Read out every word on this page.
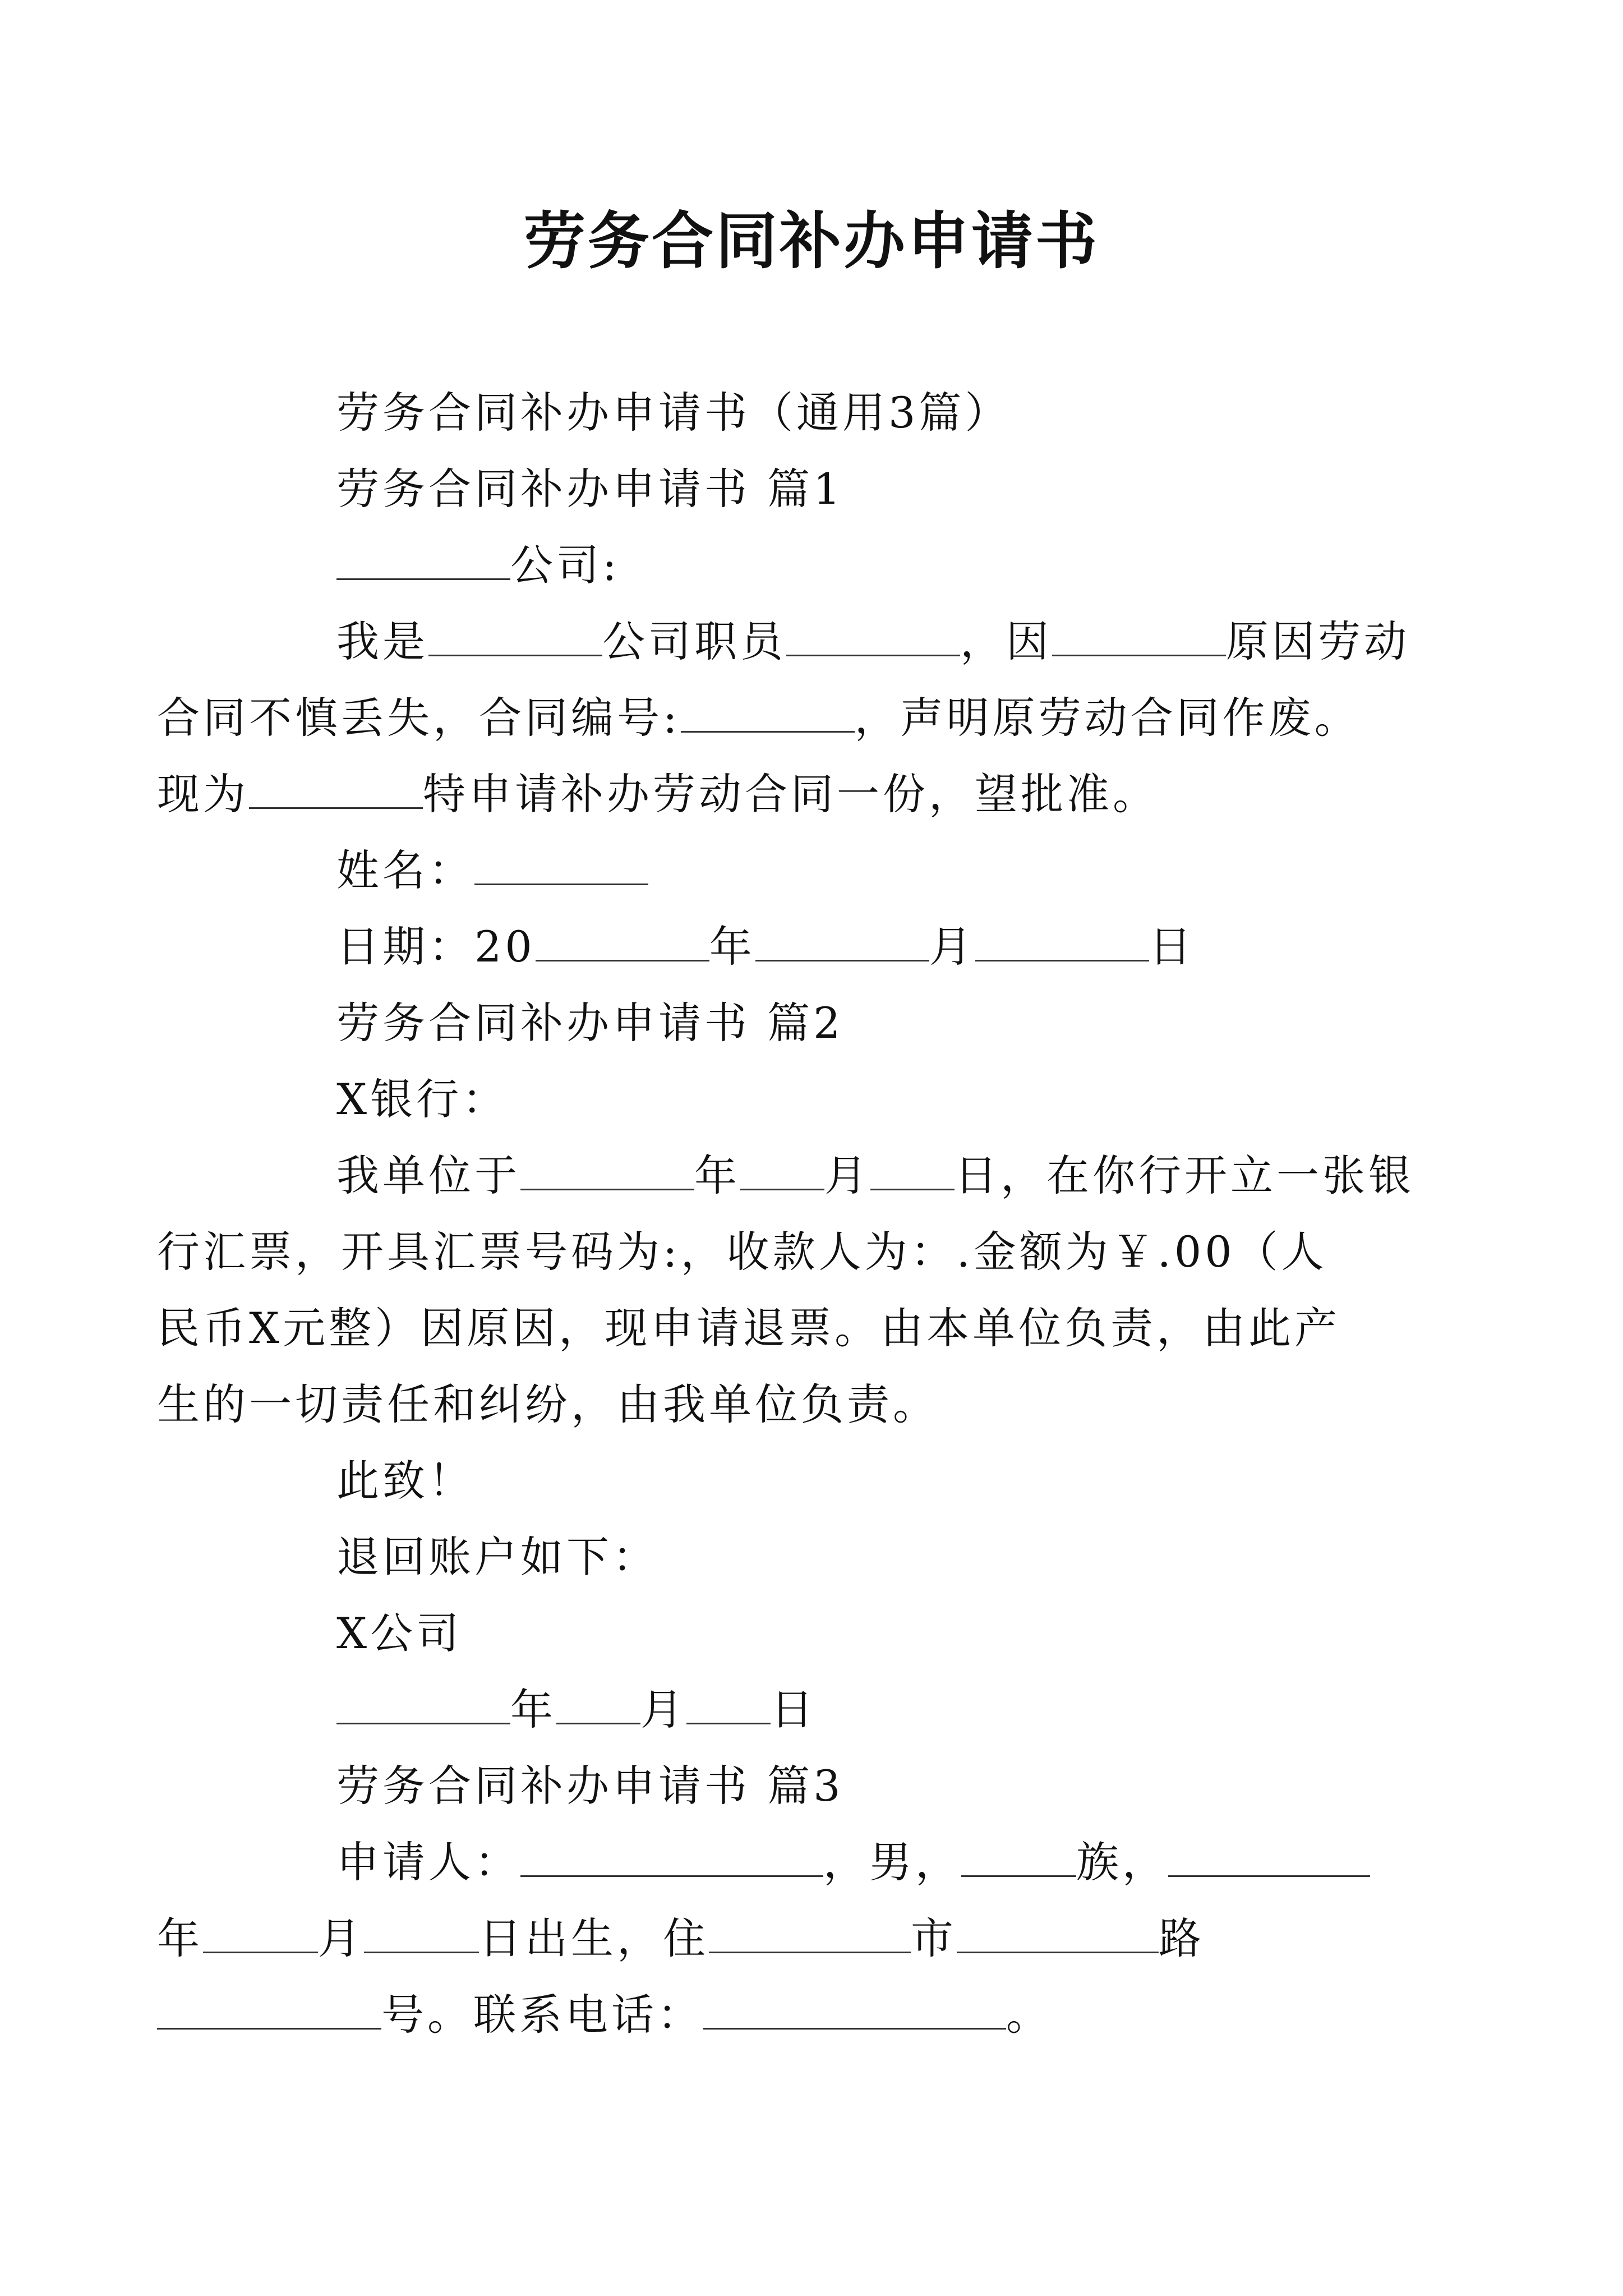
劳务合同补办申请书
劳务合同补办申请书（通用3篇）
劳务合同补办申请书 篇1
公司:
我是	公司职员	，因	原因劳动
合同不慎丢失，合同编号:	，声明原劳动合同作废。
现为	特申请补办劳动合同一份，望批准。
姓名：
日期：20	年	月	日
劳务合同补办申请书 篇2
X银行：
我单位于	年 月 日，在你行开立一张银
行汇票，开具汇票号码为:，收款人为：.金额为￥.00（人
民币X元整）因原因，现申请退票。由本单位负责，由此产
生的一切责任和纠纷，由我单位负责。
此致！
退回账户如下：
X公司
年 月 日
劳务合同补办申请书 篇3
申请人：	，男，	族，
年	月	日出生，住	市	路
号。联系电话：	。
